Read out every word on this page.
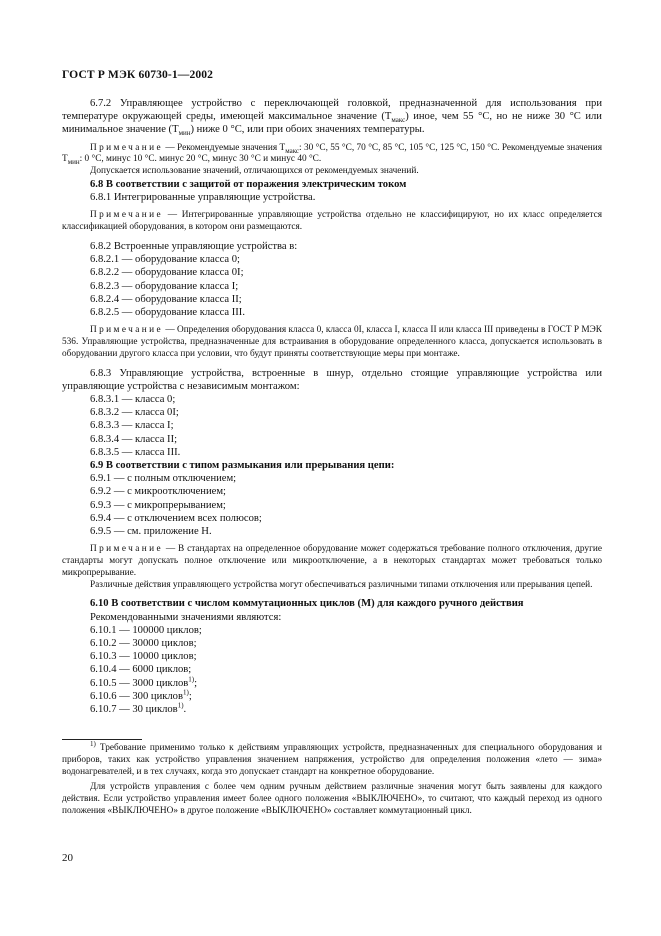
ГОСТ Р МЭК 60730-1—2002

6.7.2 Управляющее устройство с переключающей головкой, предназначенной для использования при температуре окружающей среды, имеющей максимальное значение $(T_{макс})$ иное, чем 55 °С, но не ниже 30 °С или минимальное значение $(T_{мин})$ ниже 0 °С, или при обоих значениях температуры.

Примечание — Рекомендуемые значения $T_{макс}$: 30 °С, 55 °С, 70 °С, 85 °С, 105 °С, 125 °С, 150 °С. Рекомендуемые значения $T_{мин}$: 0 °С, минус 10 °С. минус 20 °С, минус 30 °С и минус 40 °С.

Допускается использование значений, отличающихся от рекомендуемых значений.

6.8 В соответствии с защитой от поражения электрическим током

6.8.1 Интегрированные управляющие устройства.

Примечание — Интегрированные управляющие устройства отдельно не классифицируют, но их класс определяется классификацией оборудования, в котором они размещаются.

6.8.2 Встроенные управляющие устройства в:

6.8.2.1 — оборудование класса 0;

6.8.2.2 — оборудование класса 0I;

6.8.2.3 — оборудование класса I;

6.8.2.4 — оборудование класса II;

6.8.2.5 — оборудование класса III.

Примечание — Определения оборудования класса 0, класса 0I, класса I, класса II или класса III приведены в ГОСТ Р МЭК 536. Управляющие устройства, предназначенные для встраивания в оборудование определенного класса, допускается использовать в оборудовании другого класса при условии, что будут приняты соответствующие меры при монтаже.

6.8.3 Управляющие устройства, встроенные в шнур, отдельно стоящие управляющие устройства или управляющие устройства с независимым монтажом:

6.8.3.1 — класса 0;

6.8.3.2 — класса 0I;

6.8.3.3 — класса I;

6.8.3.4 — класса II;

6.8.3.5 — класса III.

6.9 В соответствии с типом размыкания или прерывания цепи:

6.9.1 — с полным отключением;

6.9.2 — с микроотключением;

6.9.3 — с микропрерыванием;

6.9.4 — с отключением всех полюсов;

6.9.5 — см. приложение Н.

Примечание — В стандартах на определенное оборудование может содержаться требование полного отключения, другие стандарты могут допускать полное отключение или микроотключение, а в некоторых стандартах может требоваться только микропрерывание.

Различные действия управляющего устройства могут обеспечиваться различными типами отключения или прерывания цепей.

6.10 В соответствии с числом коммутационных циклов (М) для каждого ручного действия

Рекомендованными значениями являются:

6.10.1 — 100000 циклов;

6.10.2 — 30000 циклов;

6.10.3 — 10000 циклов;

6.10.4 — 6000 циклов;

6.10.5 — 3000 циклов$^{1)}$;

6.10.6 — 300 циклов$^{1)}$;

6.10.7 — 30 циклов$^{1)}$.

$^{1)}$ Требование применимо только к действиям управляющих устройств, предназначенных для специального оборудования и приборов, таких как устройство управления значением напряжения, устройство для определения положения «лето — зима» водонагревателей, и в тех случаях, когда это допускает стандарт на конкретное оборудование.

Для устройств управления с более чем одним ручным действием различные значения могут быть заявлены для каждого действия. Если устройство управления имеет более одного положения «ВЫКЛЮЧЕНО», то считают, что каждый переход из одного положения «ВЫКЛЮЧЕНО» в другое положение «ВЫКЛЮЧЕНО» составляет коммутационный цикл.

20
